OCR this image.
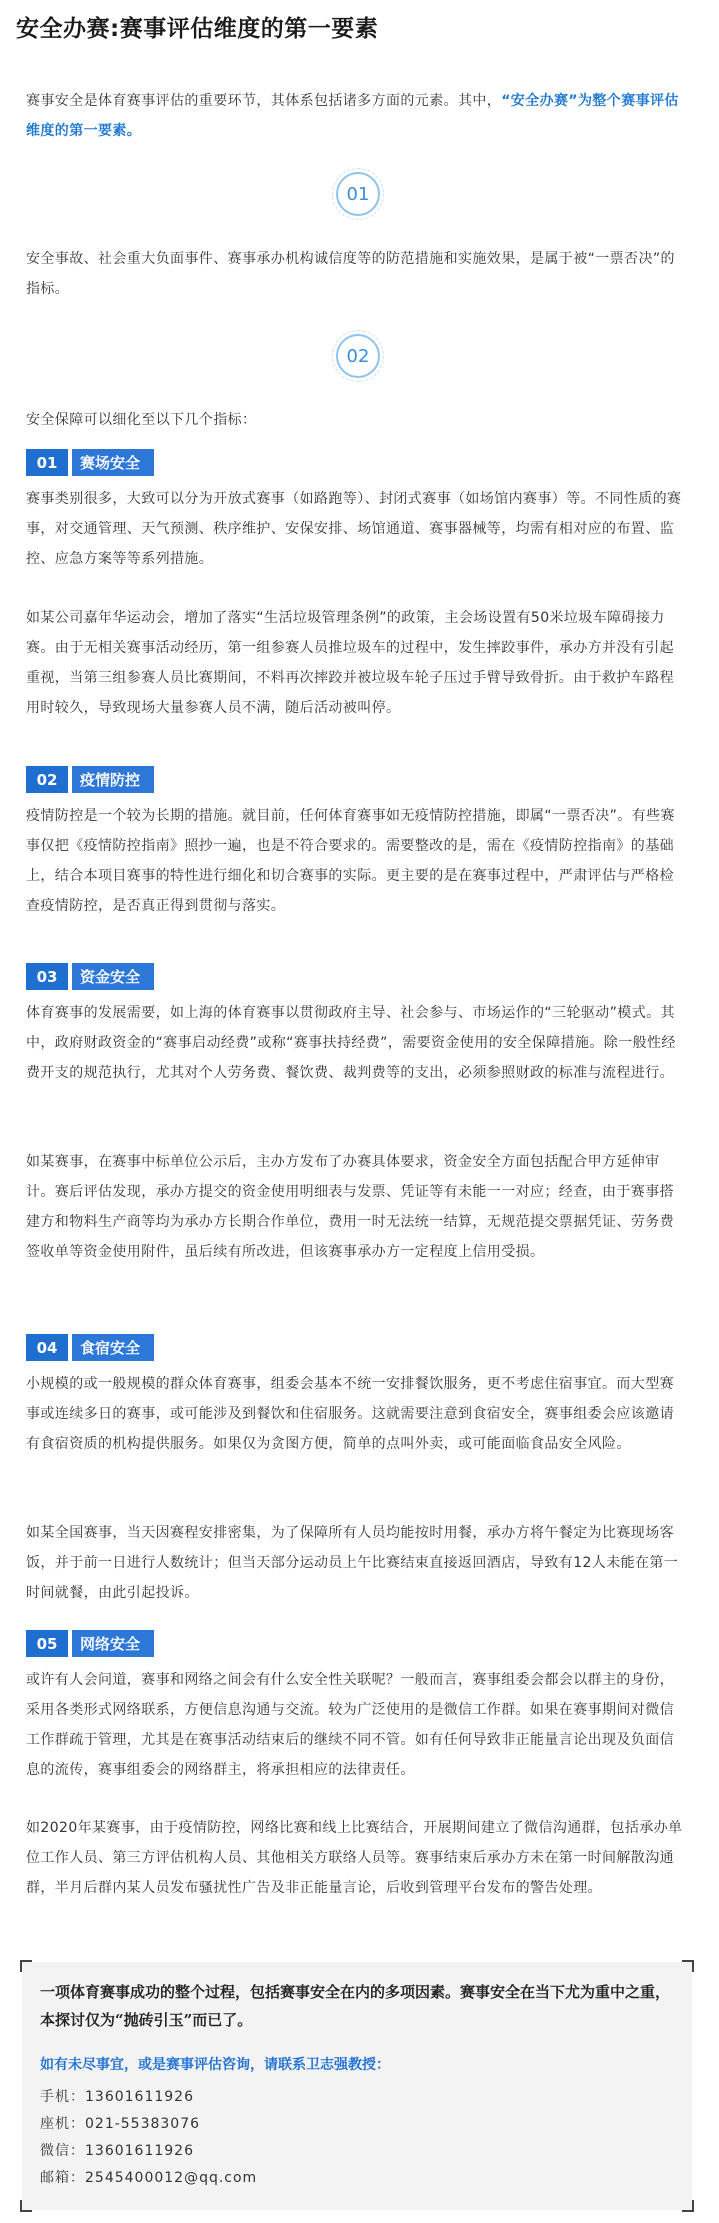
安全办赛:赛事评估维度的第一要素

赛事安全是体育赛事评估的重要环节，其体系包括诸多方面的元素。其中，“安全办赛”为整个赛事评估维度的第一要素。

01

安全事故、社会重大负面事件、赛事承办机构诚信度等的防范措施和实施效果，是属于被“一票否决”的指标。

02

安全保障可以细化至以下几个指标：

01	赛场安全

赛事类别很多，大致可以分为开放式赛事（如路跑等）、封闭式赛事（如场馆内赛事）等。不同性质的赛事，对交通管理、天气预测、秩序维护、安保安排、场馆通道、赛事器械等，均需有相对应的布置、监控、应急方案等等系列措施。

如某公司嘉年华运动会，增加了落实“生活垃圾管理条例”的政策，主会场设置有50米垃圾车障碍接力赛。由于无相关赛事活动经历，第一组参赛人员推垃圾车的过程中，发生摔跤事件，承办方并没有引起重视，当第三组参赛人员比赛期间，不料再次摔跤并被垃圾车轮子压过手臂导致骨折。由于救护车路程用时较久，导致现场大量参赛人员不满，随后活动被叫停。

02	疫情防控

疫情防控是一个较为长期的措施。就目前，任何体育赛事如无疫情防控措施，即属“一票否决”。有些赛事仅把《疫情防控指南》照抄一遍，也是不符合要求的。需要整改的是，需在《疫情防控指南》的基础上，结合本项目赛事的特性进行细化和切合赛事的实际。更主要的是在赛事过程中，严肃评估与严格检查疫情防控，是否真正得到贯彻与落实。

03	资金安全

体育赛事的发展需要，如上海的体育赛事以贯彻政府主导、社会参与、市场运作的“三轮驱动”模式。其中，政府财政资金的“赛事启动经费”或称“赛事扶持经费”，需要资金使用的安全保障措施。除一般性经费开支的规范执行，尤其对个人劳务费、餐饮费、裁判费等的支出，必须参照财政的标准与流程进行。

如某赛事，在赛事中标单位公示后，主办方发布了办赛具体要求，资金安全方面包括配合甲方延伸审计。赛后评估发现，承办方提交的资金使用明细表与发票、凭证等有未能一一对应；经查，由于赛事搭建方和物料生产商等均为承办方长期合作单位，费用一时无法统一结算，无规范提交票据凭证、劳务费签收单等资金使用附件，虽后续有所改进，但该赛事承办方一定程度上信用受损。

04	食宿安全

小规模的或一般规模的群众体育赛事，组委会基本不统一安排餐饮服务，更不考虑住宿事宜。而大型赛事或连续多日的赛事，或可能涉及到餐饮和住宿服务。这就需要注意到食宿安全，赛事组委会应该邀请有食宿资质的机构提供服务。如果仅为贪图方便，简单的点叫外卖，或可能面临食品安全风险。

如某全国赛事，当天因赛程安排密集，为了保障所有人员均能按时用餐，承办方将午餐定为比赛现场客饭，并于前一日进行人数统计；但当天部分运动员上午比赛结束直接返回酒店，导致有12人未能在第一时间就餐，由此引起投诉。

05	网络安全

或许有人会问道，赛事和网络之间会有什么安全性关联呢？一般而言，赛事组委会都会以群主的身份，采用各类形式网络联系，方便信息沟通与交流。较为广泛使用的是微信工作群。如果在赛事期间对微信工作群疏于管理，尤其是在赛事活动结束后的继续不同不管。如有任何导致非正能量言论出现及负面信息的流传，赛事组委会的网络群主，将承担相应的法律责任。

如2020年某赛事，由于疫情防控，网络比赛和线上比赛结合，开展期间建立了微信沟通群，包括承办单位工作人员、第三方评估机构人员、其他相关方联络人员等。赛事结束后承办方未在第一时间解散沟通群，半月后群内某人员发布骚扰性广告及非正能量言论，后收到管理平台发布的警告处理。

一项体育赛事成功的整个过程，包括赛事安全在内的多项因素。赛事安全在当下尤为重中之重，本探讨仅为“抛砖引玉”而已了。

如有未尽事宜，或是赛事评估咨询，请联系卫志强教授：
手机：13601611926
座机：021-55383076
微信：13601611926
邮箱：2545400012@qq.com
